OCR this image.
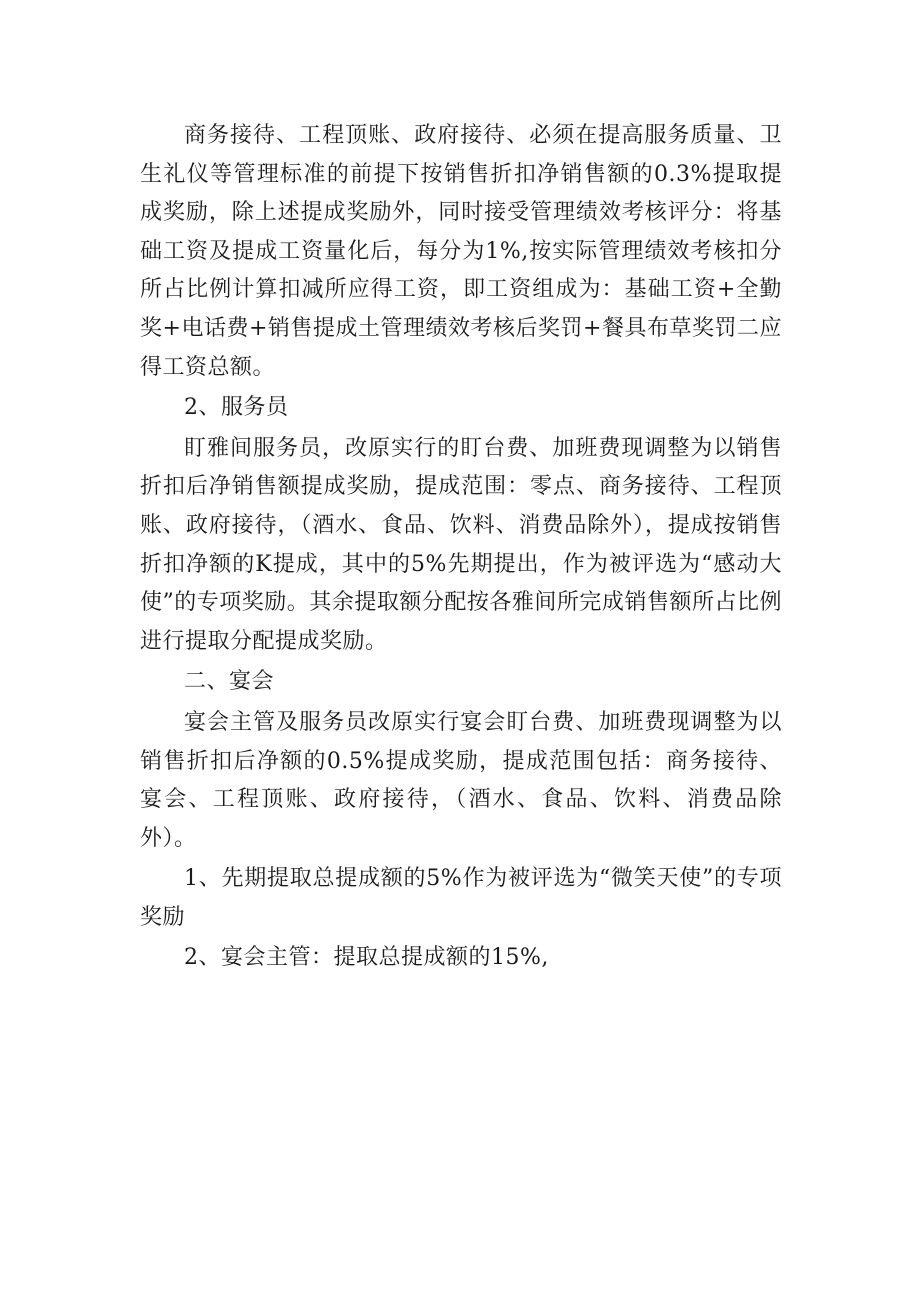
商务接待、工程顶账、政府接待、必须在提高服务质量、卫生礼仪等管理标准的前提下按销售折扣净销售额的0.3%提取提成奖励，除上述提成奖励外，同时接受管理绩效考核评分：将基础工资及提成工资量化后，每分为1%,按实际管理绩效考核扣分所占比例计算扣减所应得工资，即工资组成为：基础工资+全勤奖+电话费+销售提成土管理绩效考核后奖罚+餐具布草奖罚二应得工资总额。

2、服务员

盯雅间服务员，改原实行的盯台费、加班费现调整为以销售折扣后净销售额提成奖励，提成范围：零点、商务接待、工程顶账、政府接待，（酒水、食品、饮料、消费品除外），提成按销售折扣净额的K提成，其中的5%先期提出，作为被评选为“感动大使”的专项奖励。其余提取额分配按各雅间所完成销售额所占比例进行提取分配提成奖励。

二、宴会

宴会主管及服务员改原实行宴会盯台费、加班费现调整为以销售折扣后净额的0.5%提成奖励，提成范围包括：商务接待、宴会、工程顶账、政府接待，（酒水、食品、饮料、消费品除外）。

1、先期提取总提成额的5%作为被评选为“微笑天使”的专项奖励

2、宴会主管：提取总提成额的15%,
